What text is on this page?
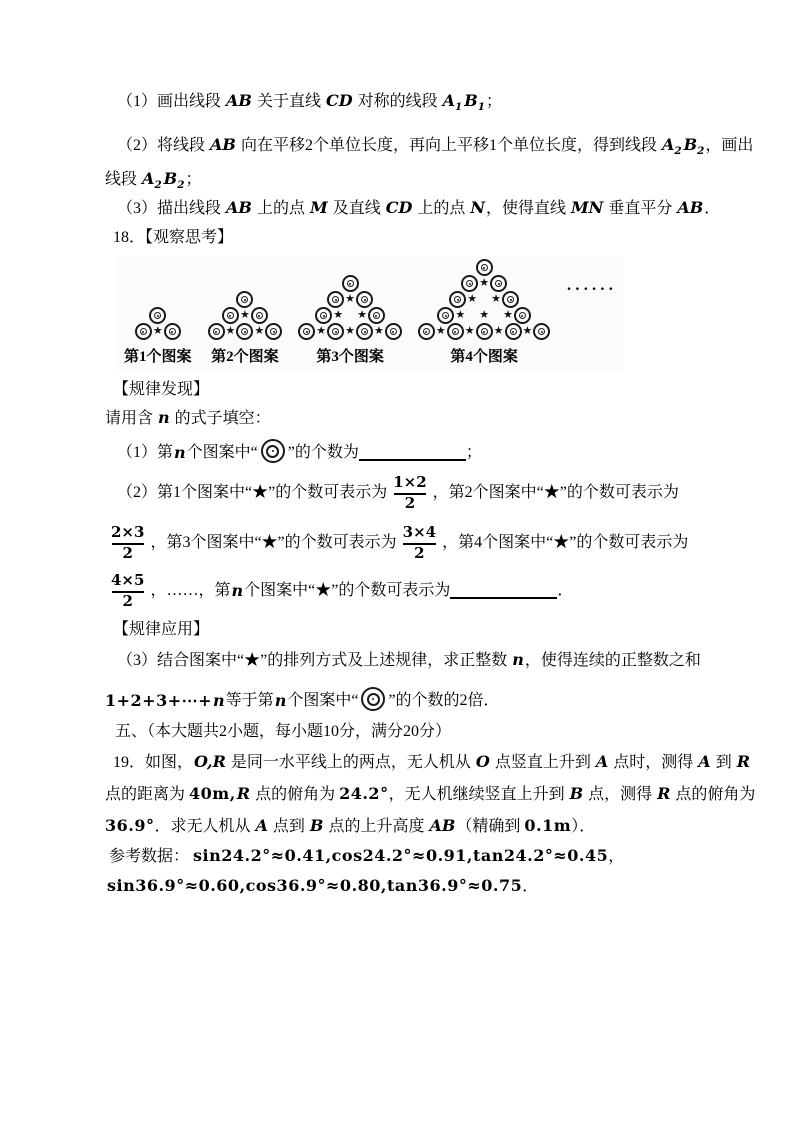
（1）画出线段 AB 关于直线 CD 对称的线段 $A_1$ $B_1$；
（2）将线段 AB 向在平移2个单位长度，再向上平移1个单位长度，得到线段 $A_2$ $B_2$，画出
线段 $A_2$ $B_2$；
（3）描出线段 AB 上的点 M 及直线 CD 上的点 N，使得直线 MN 垂直平分 AB．
18．【观察思考】
【规律发现】
请用含 n 的式子填空：
（1）第 n 个图案中“ ”的个数为	；
（2）第1个图案中“★”的个数可表示为 $\frac{1\times 2}{2}$ ，第2个图案中“★”的个数可表示为
$\frac{2\times 3}{2}$ ，第3个图案中“★”的个数可表示为 $\frac{3\times 4}{2}$ ，第4个图案中“★”的个数可表示为
$\frac{4\times 5}{2}$ ，……，第 n 个图案中“★”的个数可表示为	．
【规律应用】
（3）结合图案中“★”的排列方式及上述规律，求正整数 n，使得连续的正整数之和
1+2+3+⋯+ n 等于第 n 个图案中“ ”的个数的2倍．
五、（本大题共2小题，每小题10分，满分20分）
19．如图，O,R 是同一水平线上的两点，无人机从 O 点竖直上升到 A 点时，测得 A 到 R
点的距离为 40m,R 点的俯角为 24.2°，无人机继续竖直上升到 B 点，测得 R 点的俯角为
36.9°．求无人机从 A 点到 B 点的上升高度 AB（精确到 0.1m）．
参考数据： sin24.2°≈0.41,cos24.2°≈0.91,tan24.2°≈0.45，
sin36.9°≈0.60,cos36.9°≈0.80,tan36.9°≈0.75．
★
第1个图案
★
★ ★
第2个图案
★
★ ★
★ ★ ★
第3个图案
★
★ ★
★ ★ ★
★ ★ ★ ★
第4个图案
······
